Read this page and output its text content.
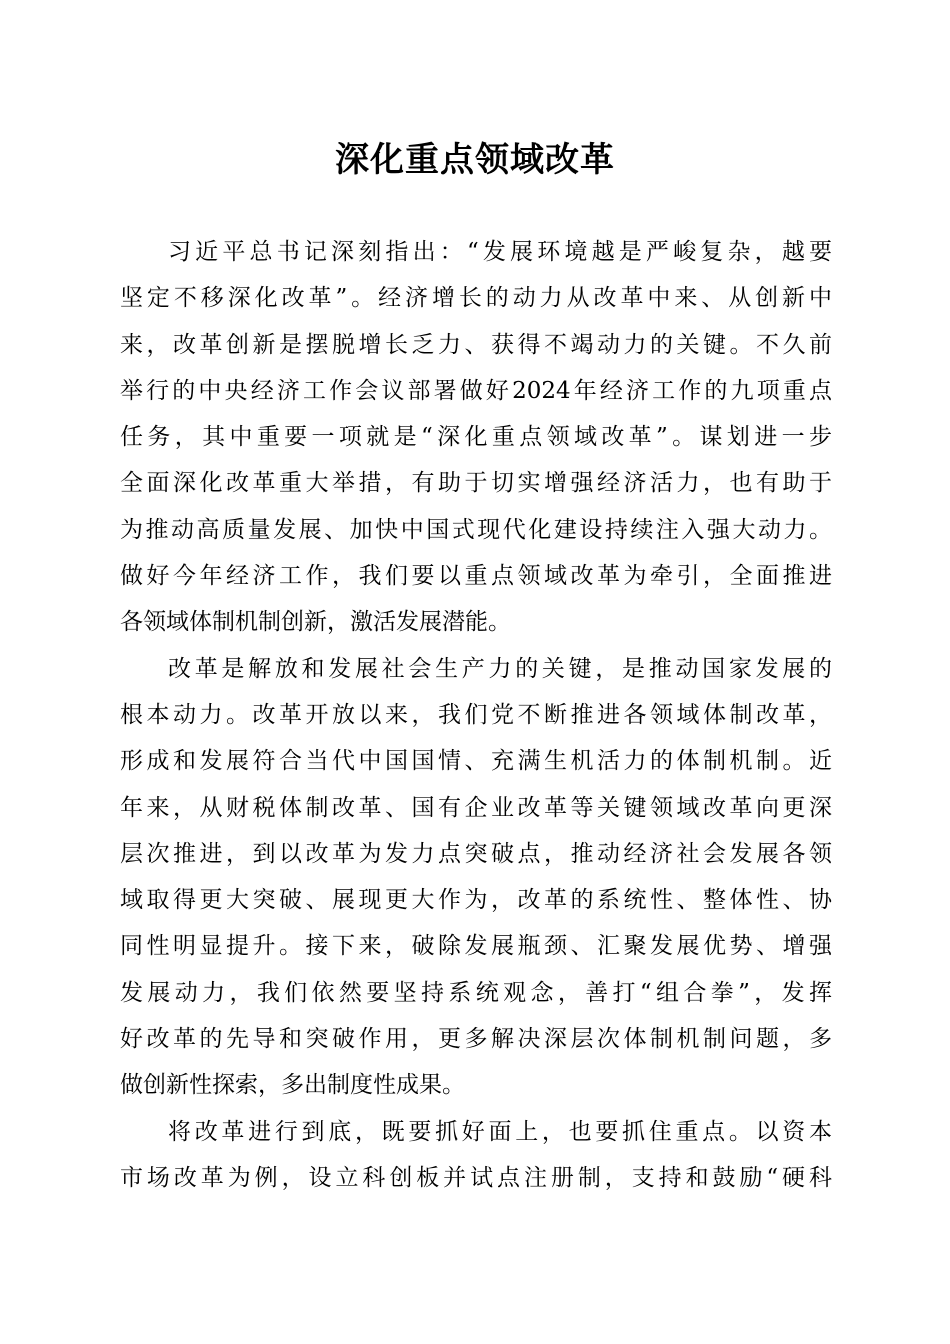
深化重点领域改革
习近平总书记深刻指出：“发展环境越是严峻复杂，越要
坚定不移深化改革”。经济增长的动力从改革中来、从创新中
来，改革创新是摆脱增长乏力、获得不竭动力的关键。不久前
举行的中央经济工作会议部署做好2024年经济工作的九项重点
任务，其中重要一项就是“深化重点领域改革”。谋划进一步
全面深化改革重大举措，有助于切实增强经济活力，也有助于
为推动高质量发展、加快中国式现代化建设持续注入强大动力。
做好今年经济工作，我们要以重点领域改革为牵引，全面推进
各领域体制机制创新，激活发展潜能。
改革是解放和发展社会生产力的关键，是推动国家发展的
根本动力。改革开放以来，我们党不断推进各领域体制改革，
形成和发展符合当代中国国情、充满生机活力的体制机制。近
年来，从财税体制改革、国有企业改革等关键领域改革向更深
层次推进，到以改革为发力点突破点，推动经济社会发展各领
域取得更大突破、展现更大作为，改革的系统性、整体性、协
同性明显提升。接下来，破除发展瓶颈、汇聚发展优势、增强
发展动力，我们依然要坚持系统观念，善打“组合拳”，发挥
好改革的先导和突破作用，更多解决深层次体制机制问题，多
做创新性探索，多出制度性成果。
将改革进行到底，既要抓好面上，也要抓住重点。以资本
市场改革为例，设立科创板并试点注册制，支持和鼓励“硬科
